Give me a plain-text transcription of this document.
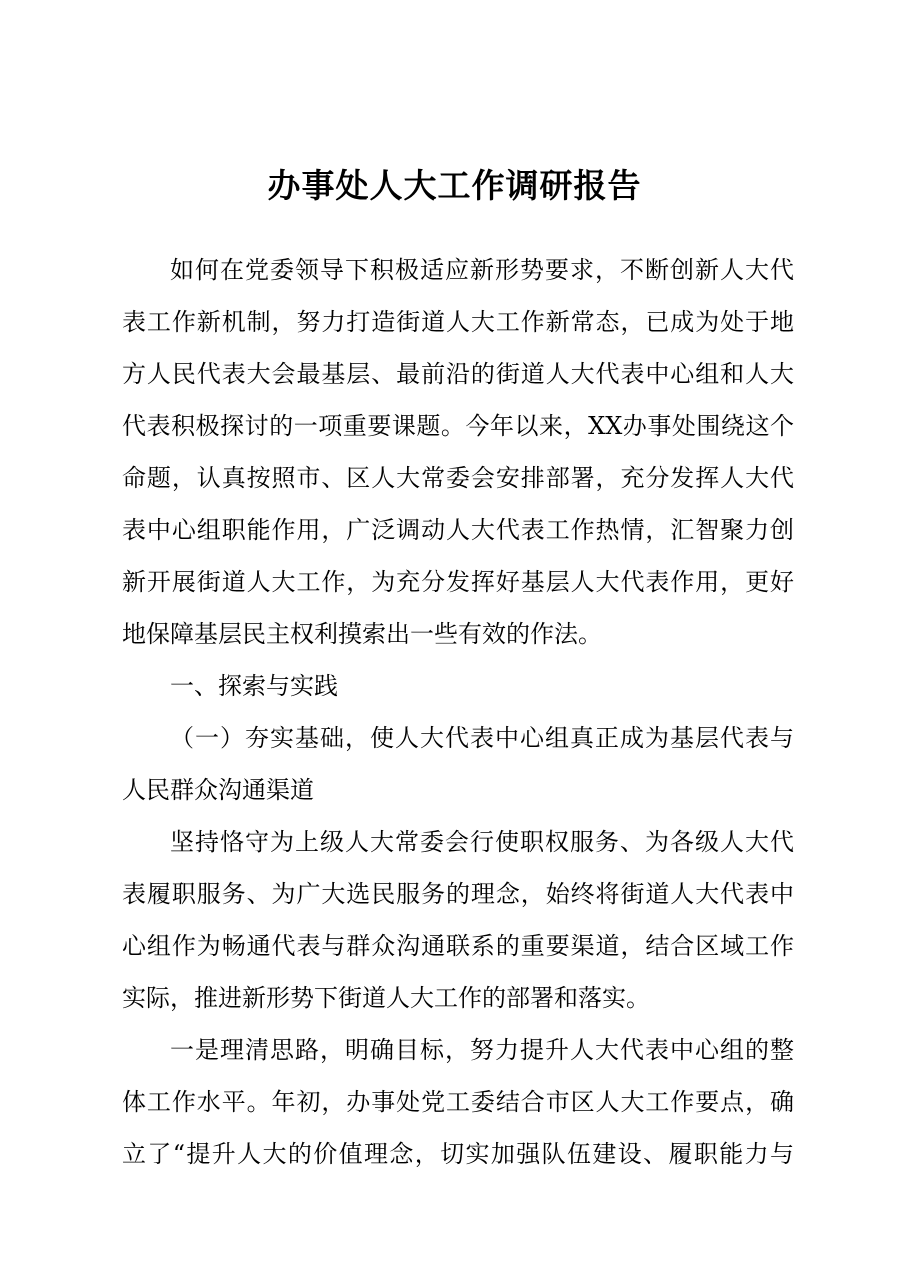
办事处人大工作调研报告

如何在党委领导下积极适应新形势要求，不断创新人大代

表工作新机制，努力打造街道人大工作新常态，已成为处于地

方人民代表大会最基层、最前沿的街道人大代表中心组和人大

代表积极探讨的一项重要课题。今年以来，XX办事处围绕这个

命题，认真按照市、区人大常委会安排部署，充分发挥人大代

表中心组职能作用，广泛调动人大代表工作热情，汇智聚力创

新开展街道人大工作，为充分发挥好基层人大代表作用，更好

地保障基层民主权利摸索出一些有效的作法。

一、探索与实践

（一）夯实基础，使人大代表中心组真正成为基层代表与

人民群众沟通渠道

坚持恪守为上级人大常委会行使职权服务、为各级人大代

表履职服务、为广大选民服务的理念，始终将街道人大代表中

心组作为畅通代表与群众沟通联系的重要渠道，结合区域工作

实际，推进新形势下街道人大工作的部署和落实。

一是理清思路，明确目标，努力提升人大代表中心组的整

体工作水平。年初，办事处党工委结合市区人大工作要点，确

立了“提升人大的价值理念，切实加强队伍建设、履职能力与
